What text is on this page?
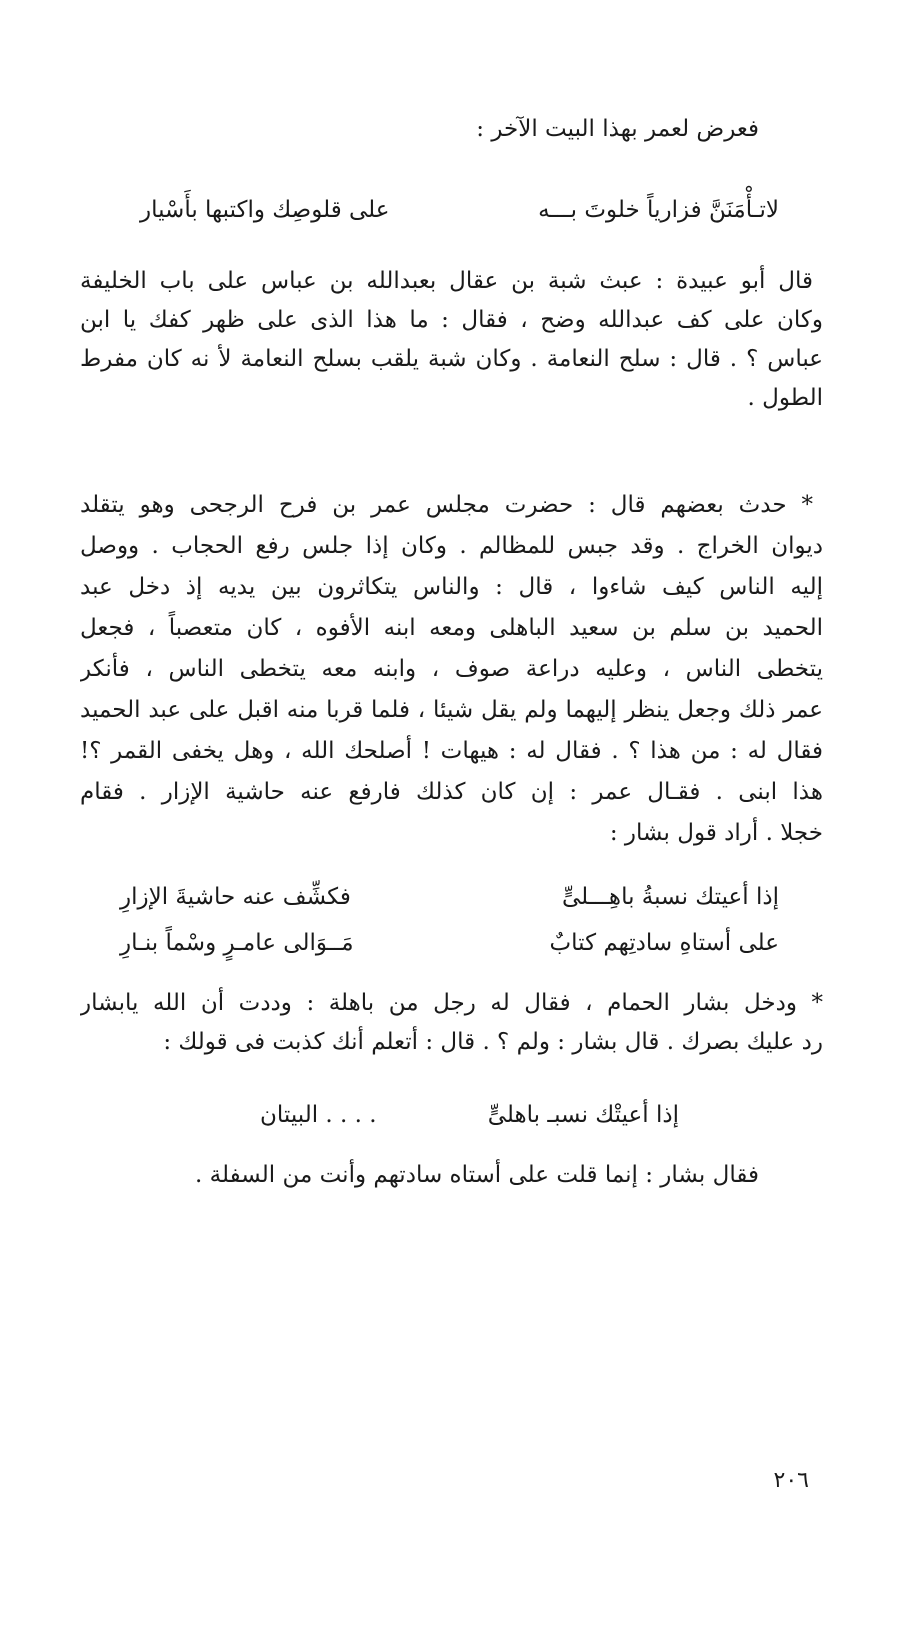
فعرض لعمر بهذا البيت الآخر :
لاتـأْمَنَنَّ فزارياً خلوتَ بـــه
على قلوصِك واكتبها بأَسْيار
قال أبو عبيدة : عبث شبة بن عقال بعبدالله بن عباس على باب الخليفة
وكان على كف عبدالله وضح ، فقال : ما هذا الذى على ظهر كفك يا ابن
عباس ؟ . قال : سلح النعامة . وكان شبة يلقب بسلح النعامة لأ نه كان مفرط
الطول .
* حدث بعضهم قال : حضرت مجلس عمر بن فرح الرجحى وهو يتقلد
ديوان الخراج . وقد جبس للمظالم . وكان إذا جلس رفع الحجاب . ووصل
إليه الناس كيف شاءوا ، قال : والناس يتكاثرون بين يديه إذ دخل عبد
الحميد بن سلم بن سعيد الباهلى ومعه ابنه الأفوه ، كان متعصباً ، فجعل
يتخطى الناس ، وعليه دراعة صوف ، وابنه معه يتخطى الناس ، فأنكر
عمر ذلك وجعل ينظر إليهما ولم يقل شيئا ، فلما قربا منه اقبل على عبد الحميد
فقال له : من هذا ؟ . فقال له : هيهات ! أصلحك الله ، وهل يخفى القمر ؟!
هذا ابنى . فقـال عمر : إن كان كذلك فارفع عنه حاشية الإزار . فقام
خجلا . أراد قول بشار :
إذا أعيتك نسبةُ باهِـــلىٍّ
فكشِّف عنه حاشيةَ الإزارِ
على أستاهِ سادتِهم كتابٌ
مَــوَالى عامـرٍ وسْماً بنـارِ
* ودخل بشار الحمام ، فقال له رجل من باهلة : وددت أن الله يابشار
رد عليك بصرك . قال بشار : ولم ؟ . قال : أتعلم أنك كذبت فى قولك :
إذا أعيتْك نسبـ باهلىٍّ
. . . . البيتان
فقال بشار : إنما قلت على أستاه سادتهم وأنت من السفلة .
٢٠٦
